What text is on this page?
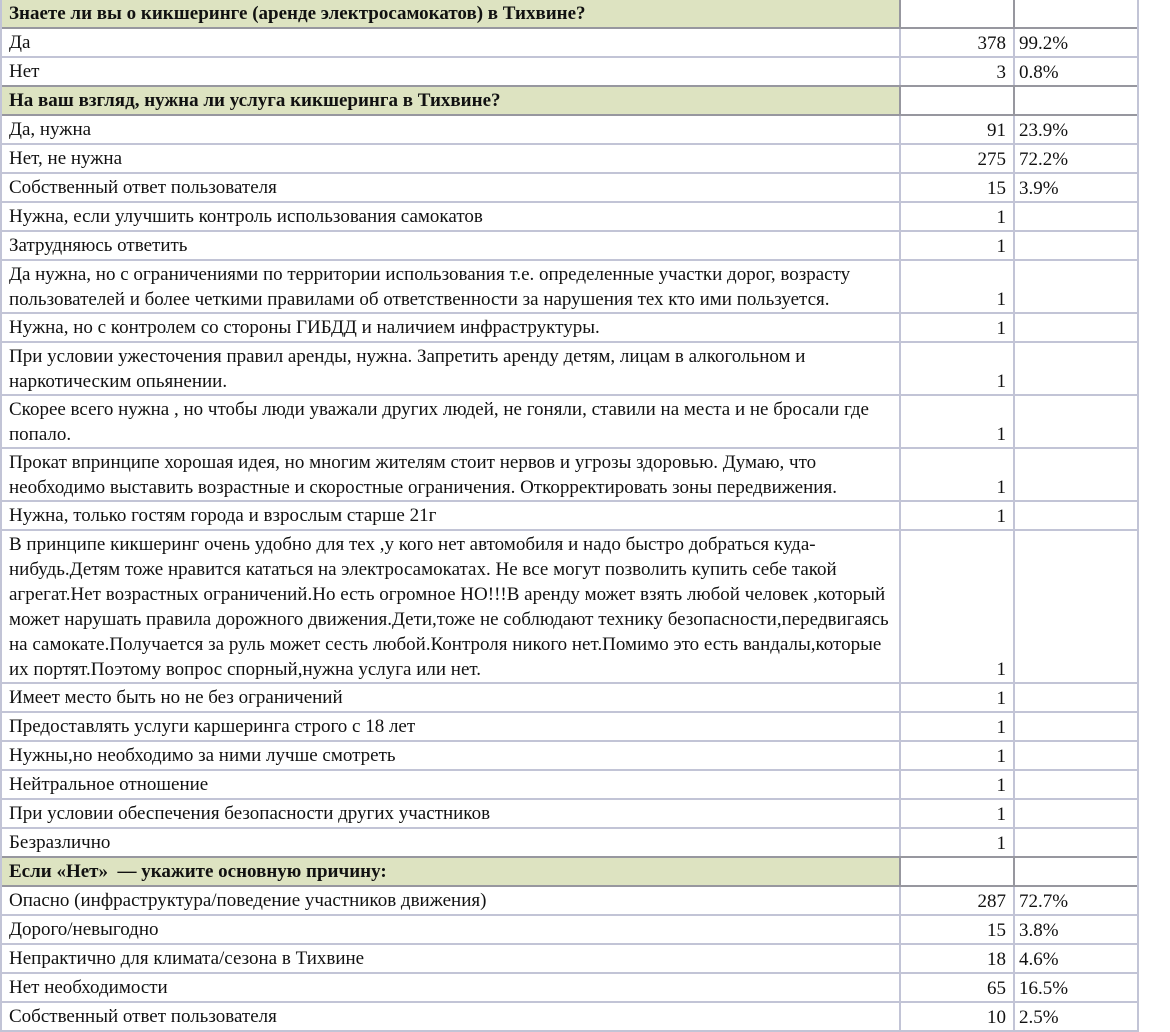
Знаете ли вы о кикшеринге (аренде электросамокатов) в Тихвине?
Да	378 99.2%
Нет	3 0.8%
На ваш взгляд, нужна ли услуга кикшеринга в Тихвине?
Да, нужна	91 23.9%
Нет, не нужна	275 72.2%
Собственный ответ пользователя	15 3.9%
Нужна, если улучшить контроль использования самокатов	1
Затрудняюсь ответить	1
Да нужна, но с ограничениями по территории использования т.е. определенные участки дорог, возрасту пользователей и более четкими правилами об ответственности за нарушения тех кто ими пользуется.	1
Нужна, но с контролем со стороны ГИБДД и наличием инфраструктуры.	1
При условии ужесточения правил аренды, нужна. Запретить аренду детям, лицам в алкогольном и наркотическим опьянении.	1
Скорее всего нужна , но чтобы люди уважали других людей, не гоняли, ставили на места и не бросали где попало.	1
Прокат впринципе хорошая идея, но многим жителям стоит нервов и угрозы здоровью. Думаю, что необходимо выставить возрастные и скоростные ограничения. Откорректировать зоны передвижения.	1
Нужна, только гостям города и взрослым старше 21г	1
В принципе кикшеринг очень удобно для тех ,у кого нет автомобиля и надо быстро добраться куда-нибудь.Детям тоже нравится кататься на электросамокатах. Не все могут позволить купить себе такой агрегат.Нет возрастных ограничений.Но есть огромное НО!!!В аренду может взять любой человек ,который может нарушать правила дорожного движения.Дети,тоже не соблюдают технику безопасности,передвигаясь на самокате.Получается за руль может сесть любой.Контроля никого нет.Помимо это есть вандалы,которые их портят.Поэтому вопрос спорный,нужна услуга или нет.	1
Имеет место быть но не без ограничений	1
Предоставлять услуги каршеринга строго с 18 лет	1
Нужны,но необходимо за ними лучше смотреть	1
Нейтральное отношение	1
При условии обеспечения безопасности других участников	1
Безразлично	1
Если «Нет»  — укажите основную причину:
Опасно (инфраструктура/поведение участников движения)	287 72.7%
Дорого/невыгодно	15 3.8%
Непрактично для климата/сезона в Тихвине	18 4.6%
Нет необходимости	65 16.5%
Собственный ответ пользователя	10 2.5%
